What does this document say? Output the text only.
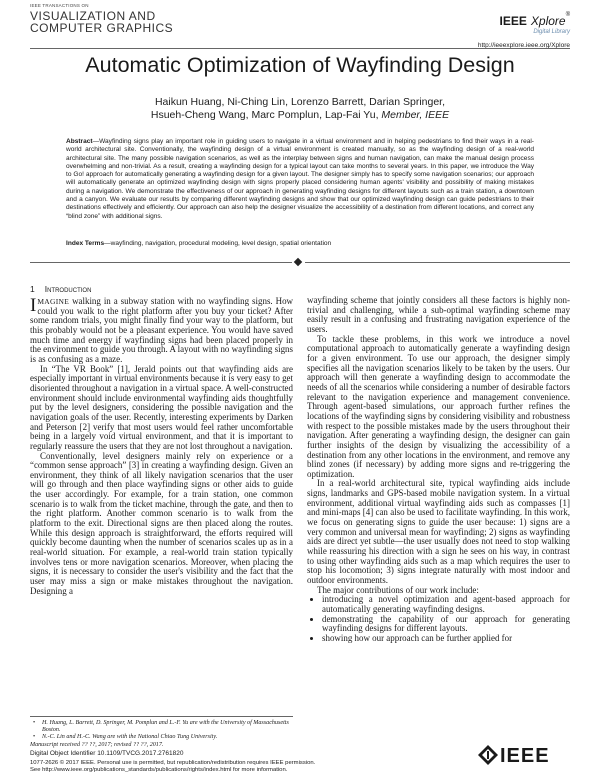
IEEE TRANSACTIONS ON
VISUALIZATION AND
COMPUTER GRAPHICS	IEEE Xplore®
Digital Library
http://ieeexplore.ieee.org/Xplore
Automatic Optimization of Wayfinding Design
Haikun Huang, Ni-Ching Lin, Lorenzo Barrett, Darian Springer,
Hsueh-Cheng Wang, Marc Pomplun, Lap-Fai Yu, Member, IEEE
Abstract—Wayfinding signs play an important role in guiding users to navigate in a virtual environment and in helping pedestrians to find their ways in a real-world architectural site. Conventionally, the wayfinding design of a virtual environment is created manually, so as the wayfinding design of a real-world architectural site. The many possible navigation scenarios, as well as the interplay between signs and human navigation, can make the manual design process overwhelming and non-trivial. As a result, creating a wayfinding design for a typical layout can take months to several years. In this paper, we introduce the Way to Go! approach for automatically generating a wayfinding design for a given layout. The designer simply has to specify some navigation scenarios; our approach will automatically generate an optimized wayfinding design with signs properly placed considering human agents' visibility and possibility of making mistakes during a navigation. We demonstrate the effectiveness of our approach in generating wayfinding designs for different layouts such as a train station, a downtown and a canyon. We evaluate our results by comparing different wayfinding designs and show that our optimized wayfinding design can guide pedestrians to their destinations effectively and efficiently. Our approach can also help the designer visualize the accessibility of a destination from different locations, and correct any “blind zone” with additional signs.
Index Terms—wayfinding, navigation, procedural modeling, level design, spatial orientation
1 Introduction

IMAGINE walking in a subway station with no wayfinding signs. How could you walk to the right platform after you buy your ticket? After some random trials, you might finally find your way to the platform, but this probably would not be a pleasant experience. You would have saved much time and energy if wayfinding signs had been placed properly in the environment to guide you through. A layout with no wayfinding signs is as confusing as a maze.

In “The VR Book” [1], Jerald points out that wayfinding aids are especially important in virtual environments because it is very easy to get disoriented throughout a navigation in a virtual space. A well-constructed environment should include environmental wayfinding aids thoughtfully put by the level designers, considering the possible navigation and the navigation goals of the user. Recently, interesting experiments by Darken and Peterson [2] verify that most users would feel rather uncomfortable being in a largely void virtual environment, and that it is important to regularly reassure the users that they are not lost throughout a navigation.

Conventionally, level designers mainly rely on experience or a “common sense approach” [3] in creating a wayfinding design. Given an environment, they think of all likely navigation scenarios that the user will go through and then place wayfinding signs or other aids to guide the user accordingly. For example, for a train station, one common scenario is to walk from the ticket machine, through the gate, and then to the right platform. Another common scenario is to walk from the platform to the exit. Directional signs are then placed along the routes. While this design approach is straightforward, the efforts required will quickly become daunting when the number of scenarios scales up as in a real-world situation. For example, a real-world train station typically involves tens or more navigation scenarios. Moreover, when placing the signs, it is necessary to consider the user's visibility and the fact that the user may miss a sign or make mistakes throughout the navigation. Designing a

wayfinding scheme that jointly considers all these factors is highly non-trivial and challenging, while a sub-optimal wayfinding scheme may easily result in a confusing and frustrating navigation experience of the users.

To tackle these problems, in this work we introduce a novel computational approach to automatically generate a wayfinding design for a given environment. To use our approach, the designer simply specifies all the navigation scenarios likely to be taken by the users. Our approach will then generate a wayfinding design to accommodate the needs of all the scenarios while considering a number of desirable factors relevant to the navigation experience and management convenience. Through agent-based simulations, our approach further refines the locations of the wayfinding signs by considering visibility and robustness with respect to the possible mistakes made by the users throughout their navigation. After generating a wayfinding design, the designer can gain further insights of the design by visualizing the accessibility of a destination from any other locations in the environment, and remove any blind zones (if necessary) by adding more signs and re-triggering the optimization.

In a real-world architectural site, typical wayfinding aids include signs, landmarks and GPS-based mobile navigation system. In a virtual environment, additional virtual wayfinding aids such as compasses [1] and mini-maps [4] can also be used to facilitate wayfinding. In this work, we focus on generating signs to guide the user because: 1) signs are a very common and universal mean for wayfinding; 2) signs as wayfinding aids are direct yet subtle—the user usually does not need to stop walking while reassuring his direction with a sign he sees on his way, in contrast to using other wayfinding aids such as a map which requires the user to stop his locomotion; 3) signs integrate naturally with most indoor and outdoor environments.

The major contributions of our work include:

• introducing a novel optimization and agent-based approach for automatically generating wayfinding designs.
• demonstrating the capability of our approach for generating wayfinding designs for different layouts.
• showing how our approach can be further applied for
• H. Huang, L. Barrett, D. Springer, M. Pomplun and L.-F. Yu are with the University of Massachusetts Boston.
• N.-C. Lin and H.-C. Wang are with the National Chiao Tung University.
Manuscript received ?? ??, 2017; revised ?? ??, 2017.
Digital Object Identifier 10.1109/TVCG.2017.2761820
1077-2626 © 2017 IEEE. Personal use is permitted, but republication/redistribution requires IEEE permission.
See http://www.ieee.org/publications_standards/publications/rights/index.html for more information.
IEEE
